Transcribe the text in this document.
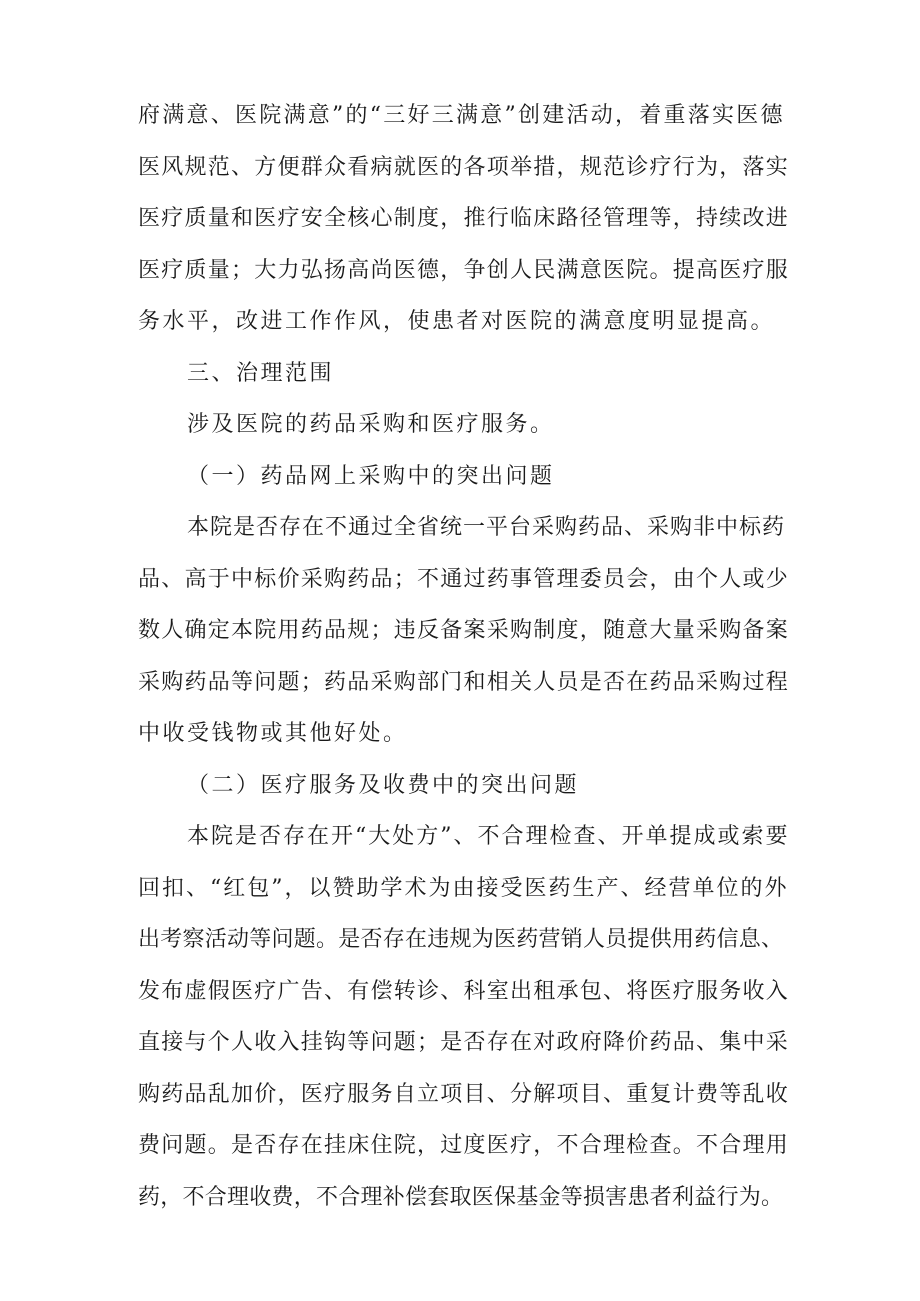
府满意、医院满意”的“三好三满意”创建活动，着重落实医德
医风规范、方便群众看病就医的各项举措，规范诊疗行为，落实
医疗质量和医疗安全核心制度，推行临床路径管理等，持续改进
医疗质量；大力弘扬高尚医德，争创人民满意医院。提高医疗服
务水平，改进工作作风，使患者对医院的满意度明显提高。
三、治理范围
涉及医院的药品采购和医疗服务。
（一）药品网上采购中的突出问题
本院是否存在不通过全省统一平台采购药品、采购非中标药
品、高于中标价采购药品；不通过药事管理委员会，由个人或少
数人确定本院用药品规；违反备案采购制度，随意大量采购备案
采购药品等问题；药品采购部门和相关人员是否在药品采购过程
中收受钱物或其他好处。
（二）医疗服务及收费中的突出问题
本院是否存在开“大处方”、不合理检查、开单提成或索要
回扣、“红包”，以赞助学术为由接受医药生产、经营单位的外
出考察活动等问题。是否存在违规为医药营销人员提供用药信息、
发布虚假医疗广告、有偿转诊、科室出租承包、将医疗服务收入
直接与个人收入挂钩等问题；是否存在对政府降价药品、集中采
购药品乱加价，医疗服务自立项目、分解项目、重复计费等乱收
费问题。是否存在挂床住院，过度医疗，不合理检查。不合理用
药，不合理收费，不合理补偿套取医保基金等损害患者利益行为。
